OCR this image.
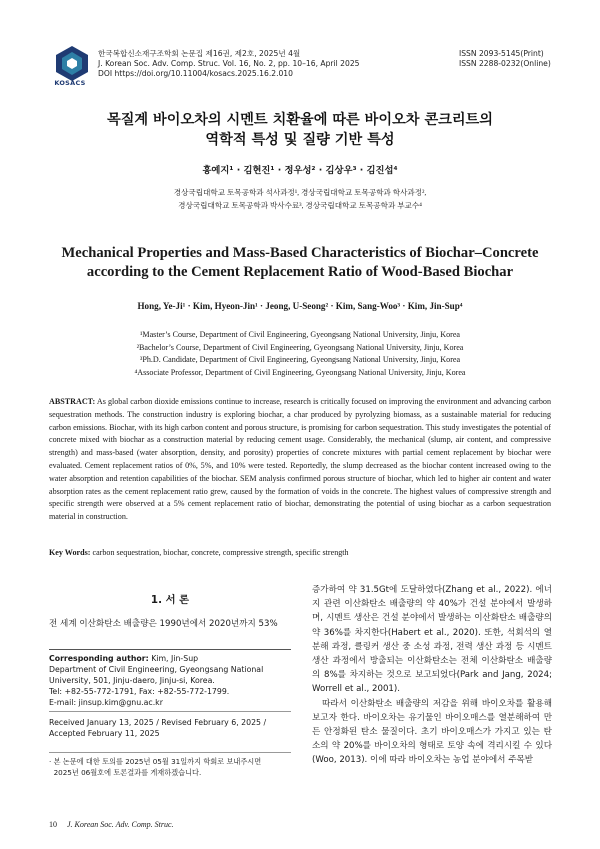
KOSACS
한국복합신소재구조학회 논문집 제16권, 제2호, 2025년 4월
J. Korean Soc. Adv. Comp. Struc. Vol. 16, No. 2, pp. 10–16, April 2025
DOI https://doi.org/10.11004/kosacs.2025.16.2.010
ISSN 2093-5145(Print)
ISSN 2288-0232(Online)
목질계 바이오차의 시멘트 치환율에 따른 바이오차 콘크리트의
역학적 특성 및 질량 기반 특성
홍예지¹ · 김현진¹ · 정우성² · 김상우³ · 김진섭⁴
경상국립대학교 토목공학과 석사과정¹, 경상국립대학교 토목공학과 학사과정²,
경상국립대학교 토목공학과 박사수료³, 경상국립대학교 토목공학과 부교수⁴
Mechanical Properties and Mass-Based Characteristics of Biochar–Concrete
according to the Cement Replacement Ratio of Wood-Based Biochar
Hong, Ye-Ji¹ · Kim, Hyeon-Jin¹ · Jeong, U-Seong² · Kim, Sang-Woo³ · Kim, Jin-Sup⁴
¹Master’s Course, Department of Civil Engineering, Gyeongsang National University, Jinju, Korea
²Bachelor’s Course, Department of Civil Engineering, Gyeongsang National University, Jinju, Korea
³Ph.D. Candidate, Department of Civil Engineering, Gyeongsang National University, Jinju, Korea
⁴Associate Professor, Department of Civil Engineering, Gyeongsang National University, Jinju, Korea
ABSTRACT: As global carbon dioxide emissions continue to increase, research is critically focused on improving the environment and advancing carbon sequestration methods. The construction industry is exploring biochar, a char produced by pyrolyzing biomass, as a sustainable material for reducing carbon emissions. Biochar, with its high carbon content and porous structure, is promising for carbon sequestration. This study investigates the potential of concrete mixed with biochar as a construction material by reducing cement usage. Considerably, the mechanical (slump, air content, and compressive strength) and mass-based (water absorption, density, and porosity) properties of concrete mixtures with partial cement replacement by biochar were evaluated. Cement replacement ratios of 0%, 5%, and 10% were tested. Reportedly, the slump decreased as the biochar content increased owing to the water absorption and retention capabilities of the biochar. SEM analysis confirmed porous structure of biochar, which led to higher air content and water absorption rates as the cement replacement ratio grew, caused by the formation of voids in the concrete. The highest values of compressive strength and specific strength were observed at a 5% cement replacement ratio of biochar, demonstrating the potential of using biochar as a carbon sequestration material in construction.
Key Words: carbon sequestration, biochar, concrete, compressive strength, specific strength
1. 서 론
전 세계 이산화탄소 배출량은 1990년에서 2020년까지 53%
Corresponding author: Kim, Jin-Sup
Department of Civil Engineering, Gyeongsang National
University, 501, Jinju-daero, Jinju-si, Korea.
Tel: +82-55-772-1791, Fax: +82-55-772-1799.
E-mail: jinsup.kim@gnu.ac.kr
Received January 13, 2025 / Revised February 6, 2025 / Accepted February 11, 2025
· 본 논문에 대한 토의를 2025년 05월 31일까지 학회로 보내주시면
2025년 06월호에 토론결과를 게재하겠습니다.

증가하여 약 31.5Gt에 도달하였다(Zhang et al., 2022). 에너지 관련 이산화탄소 배출량의 약 40%가 건설 분야에서 발생하며, 시멘트 생산은 건설 분야에서 발생하는 이산화탄소 배출량의 약 36%를 차지한다(Habert et al., 2020). 또한, 석회석의 열분해 과정, 클링커 생산 중 소성 과정, 전력 생산 과정 등 시멘트 생산 과정에서 방출되는 이산화탄소는 전체 이산화탄소 배출량의 8%를 차지하는 것으로 보고되었다(Park and Jang, 2024; Worrell et al., 2001).

따라서 이산화탄소 배출량의 저감을 위해 바이오차를 활용해 보고자 한다. 바이오차는 유기물인 바이오매스를 열분해하여 만든 안정화된 탄소 물질이다. 초기 바이오매스가 가지고 있는 탄소의 약 20%를 바이오차의 형태로 토양 속에 격리시킬 수 있다(Woo, 2013). 이에 따라 바이오차는 농업 분야에서 주목받

10 J. Korean Soc. Adv. Comp. Struc.
